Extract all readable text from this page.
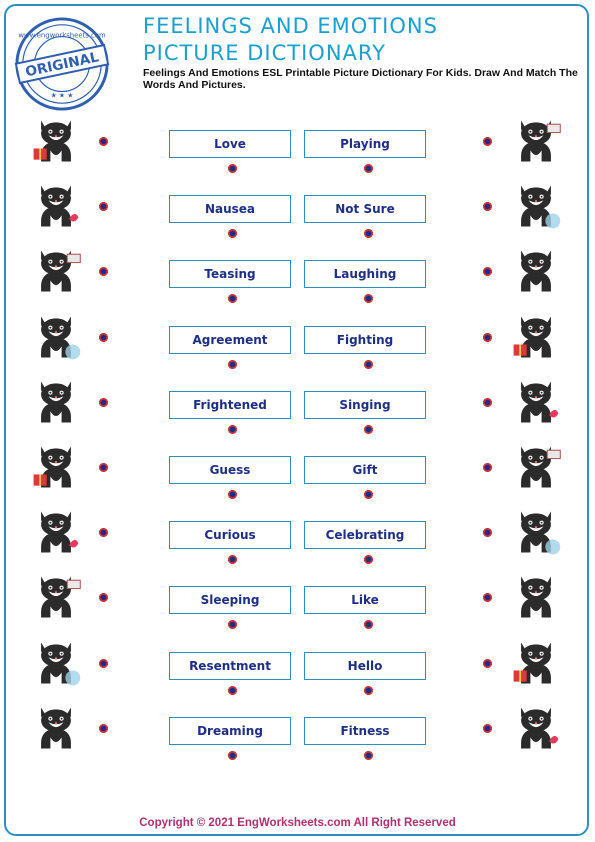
www.engworksheets.com
★ ★ ★
ORIGINAL
FEELINGS AND EMOTIONS
PICTURE DICTIONARY
Feelings And Emotions ESL Printable Picture Dictionary For Kids. Draw And Match The Words And Pictures.
Love	Playing
Nausea	Not Sure
Teasing	Laughing
Agreement	Fighting
Frightened	Singing
Guess	Gift
Curious	Celebrating
Sleeping	Like
Resentment	Hello
Dreaming	Fitness
Copyright © 2021 EngWorksheets.com All Right Reserved
